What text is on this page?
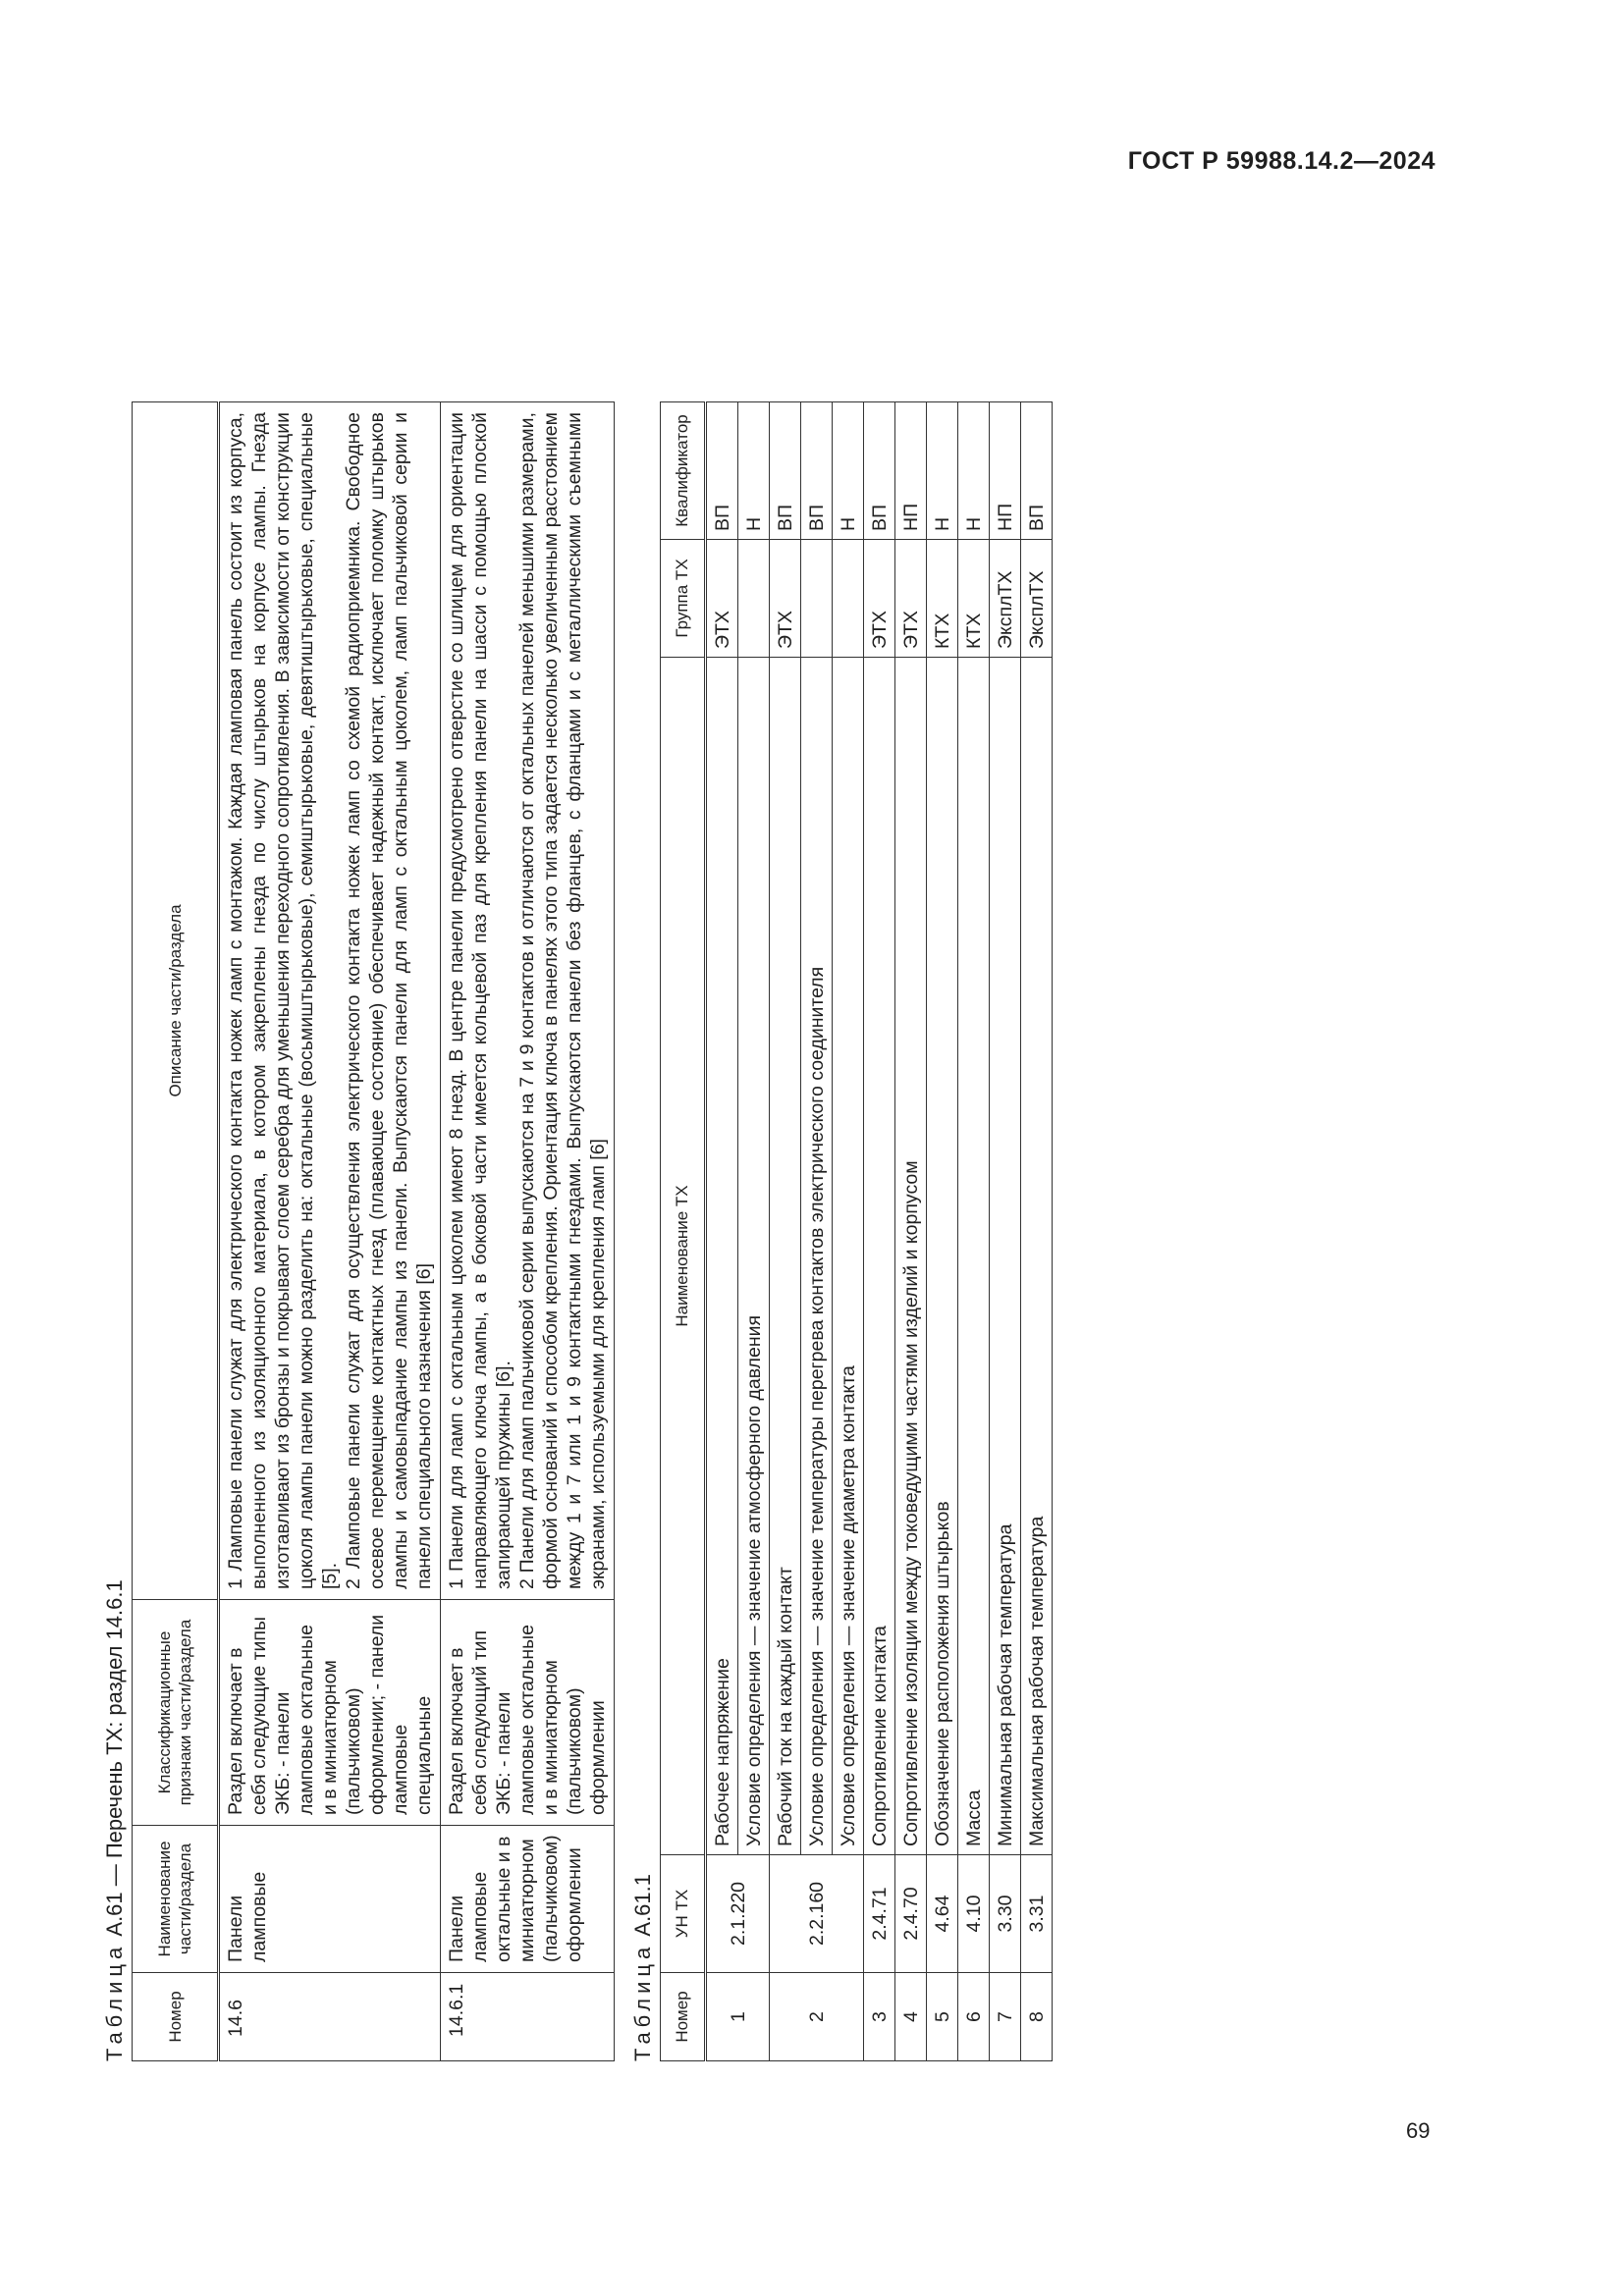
ГОСТ Р 59988.14.2—2024
Таблица А.61 — Перечень ТХ: раздел 14.6.1
Номер	Наименование части/раздела	Классификационные признаки части/раздела	Описание части/раздела
14.6	Панели ламповые	Раздел включает в себя следующие типы ЭКБ: - панели ламповые октальные и в миниатюрном (пальчиковом) оформлении; - панели ламповые специальные	1 Ламповые панели служат для электрического контакта ножек ламп с монтажом. Каждая ламповая панель состоит из корпуса, выполненного из изоляционного материала, в котором закреплены гнезда по числу штырьков на корпусе лампы. Гнезда изготавливают из бронзы и покрывают слоем серебра для уменьшения переходного сопротивления. В зависимости от конструкции цоколя лампы панели можно разделить на: октальные (восьмиштырьковые), семиштырьковые, девятиштырьковые, специальные [5]. 2 Ламповые панели служат для осуществления электрического контакта ножек ламп со схемой радиоприемника. Свободное осевое перемещение контактных гнезд (плавающее состояние) обеспечивает надежный контакт, исключает поломку штырьков лампы и самовыпадание лампы из панели. Выпускаются панели для ламп с октальным цоколем, ламп пальчиковой серии и панели специального назначения [6]

14.6.1	Панели ламповые октальные и в миниатюрном (пальчиковом) оформлении	Раздел включает в себя следующий тип ЭКБ: - панели ламповые октальные и в миниатюрном (пальчиковом) оформлении	1 Панели для ламп с октальным цоколем имеют 8 гнезд. В центре панели предусмотрено отверстие со шлицем для ориентации направляющего ключа лампы, а в боковой части имеется кольцевой паз для крепления панели на шасси с помощью плоской запирающей пружины [6]. 2 Панели для ламп пальчиковой серии выпускаются на 7 и 9 контактов и отличаются от октальных панелей меньшими размерами, формой оснований и способом крепления. Ориентация ключа в панелях этого типа задается несколько увеличенным расстоянием между 1 и 7 или 1 и 9 контактными гнездами. Выпускаются панели без фланцев, с фланцами и с металлическими съемными экранами, используемыми для крепления ламп [6]

Таблица А.61.1
Номер	УН ТХ	Наименование ТХ	Группа ТХ	Квалификатор
1	2.1.220	Рабочее напряжение	ЭТХ	ВП
		Условие определения — значение атмосферного давления		Н
2	2.2.160	Рабочий ток на каждый контакт	ЭТХ	ВП
		Условие определения — значение температуры перегрева контактов электрического соединителя		ВП
		Условие определения — значение диаметра контакта		Н
3	2.4.71	Сопротивление контакта	ЭТХ	ВП
4	2.4.70	Сопротивление изоляции между токоведущими частями изделий и корпусом	ЭТХ	НП
5	4.64	Обозначение расположения штырьков	КТХ	Н
6	4.10	Масса	КТХ	Н
7	3.30	Минимальная рабочая температура	ЭксплТХ	НП
8	3.31	Максимальная рабочая температура	ЭксплТХ	ВП
69
